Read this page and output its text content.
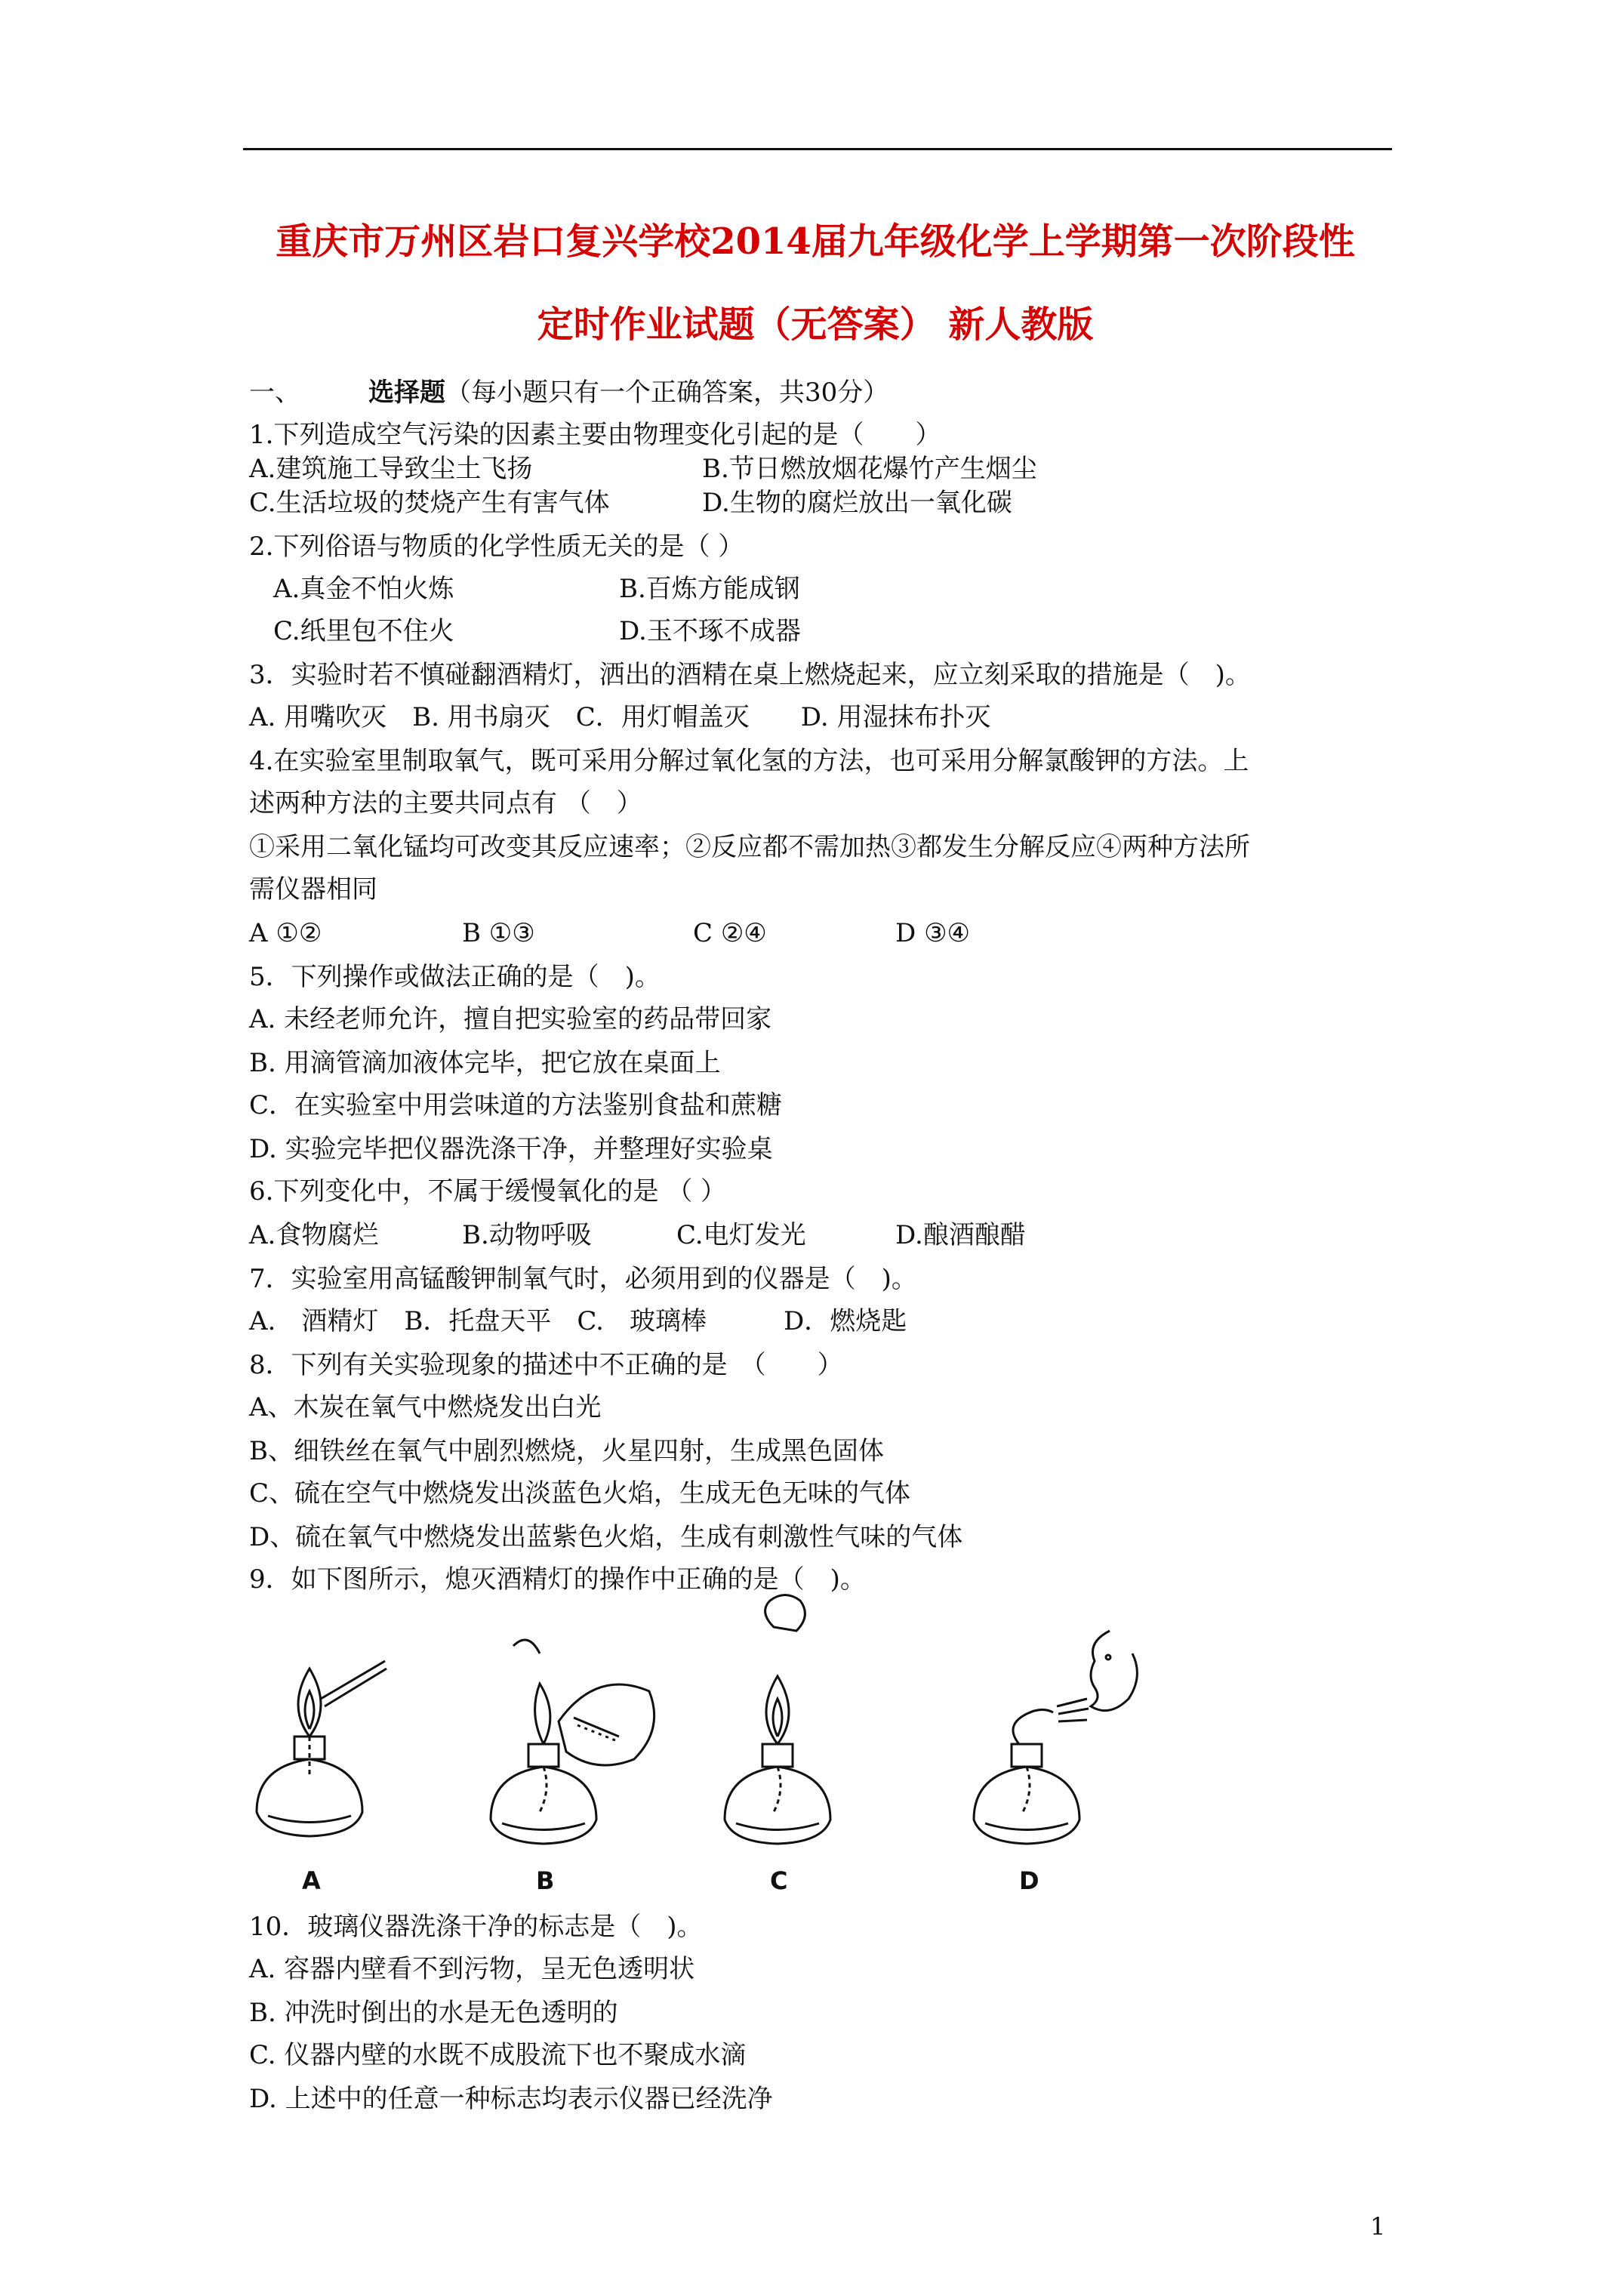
重庆市万州区岩口复兴学校2014届九年级化学上学期第一次阶段性
定时作业试题（无答案） 新人教版
一、	选择题（每小题只有一个正确答案，共30分）
1.下列造成空气污染的因素主要由物理变化引起的是（　　）
A.建筑施工导致尘土飞扬	B.节日燃放烟花爆竹产生烟尘
C.生活垃圾的焚烧产生有害气体	D.生物的腐烂放出一氧化碳
2.下列俗语与物质的化学性质无关的是（ ）
A.真金不怕火炼	B.百炼方能成钢
C.纸里包不住火	D.玉不琢不成器
3．实验时若不慎碰翻酒精灯，洒出的酒精在桌上燃烧起来，应立刻采取的措施是（　)。
A. 用嘴吹灭　B. 用书扇灭　C．用灯帽盖灭　　D. 用湿抹布扑灭
4.在实验室里制取氧气，既可采用分解过氧化氢的方法，也可采用分解氯酸钾的方法。上
述两种方法的主要共同点有 （　）
①采用二氧化锰均可改变其反应速率；②反应都不需加热③都发生分解反应④两种方法所
需仪器相同
A ①②	B ①③	C ②④	D ③④
5．下列操作或做法正确的是（　)。
A. 未经老师允许，擅自把实验室的药品带回家
B. 用滴管滴加液体完毕，把它放在桌面上
C．在实验室中用尝味道的方法鉴别食盐和蔗糖
D. 实验完毕把仪器洗涤干净，并整理好实验桌
6.下列变化中，不属于缓慢氧化的是 （ ）
A.食物腐烂	B.动物呼吸	C.电灯发光	D.酿酒酿醋
7．实验室用高锰酸钾制氧气时，必须用到的仪器是（　)。
A.　酒精灯　B．托盘天平　C.　玻璃棒　　　D．燃烧匙
8．下列有关实验现象的描述中不正确的是　（　　）
A、木炭在氧气中燃烧发出白光
B、细铁丝在氧气中剧烈燃烧，火星四射，生成黑色固体
C、硫在空气中燃烧发出淡蓝色火焰，生成无色无味的气体
D、硫在氧气中燃烧发出蓝紫色火焰，生成有刺激性气味的气体
9．如下图所示，熄灭酒精灯的操作中正确的是（　)。
A	B	C	D
10．玻璃仪器洗涤干净的标志是（　)。
A. 容器内壁看不到污物，呈无色透明状
B. 冲洗时倒出的水是无色透明的
C. 仪器内壁的水既不成股流下也不聚成水滴
D. 上述中的任意一种标志均表示仪器已经洗净
1
